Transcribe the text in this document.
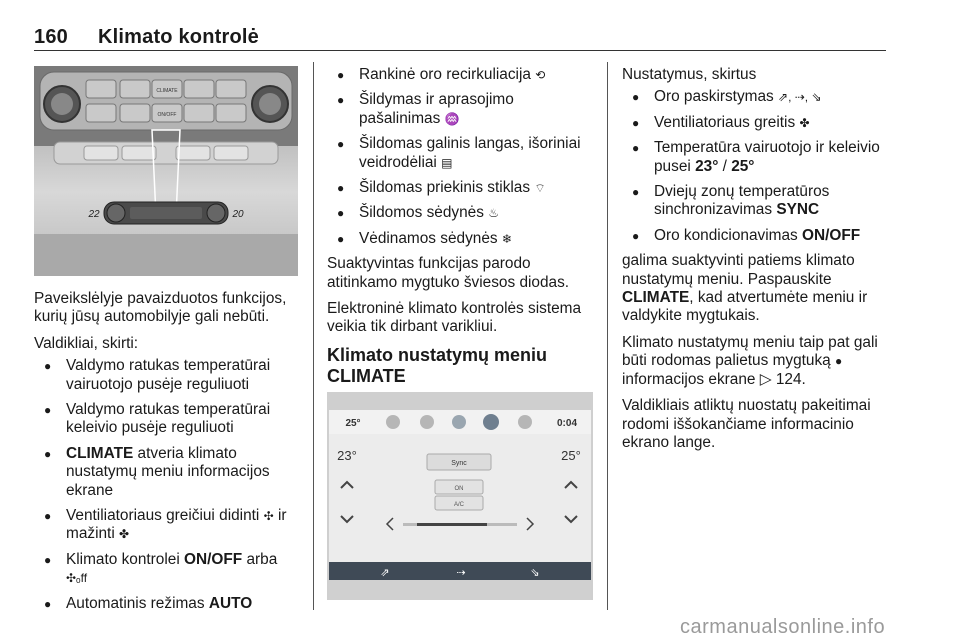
160 Klimato kontrolė
CLIMATE
ON/OFF
22	20

Paveikslėlyje pavaizduotos funkcijos, kurių jūsų automobilyje gali nebūti.

Valdikliai, skirti:

● Valdymo ratukas temperatūrai vairuotojo pusėje reguliuoti
● Valdymo ratukas temperatūrai keleivio pusėje reguliuoti
● CLIMATE atveria klimato nustatymų meniu informacijos ekrane
● Ventiliatoriaus greičiui didinti ✣ ir mažinti ✤
● Klimato kontrolei ON/OFF arba
✣ₒff
● Automatinis režimas AUTO
● Rankinė oro recirkuliacija ⟲
● Šildymas ir aprasojimo pašalinimas ♒
● Šildomas galinis langas, išoriniai veidrodėliai ▤
● Šildomas priekinis stiklas ⌔
● Šildomos sėdynės ♨
● Vėdinamos sėdynės ❄

Suaktyvintas funkcijas parodo atitinkamo mygtuko šviesos diodas.

Elektroninė klimato kontrolės sistema veikia tik dirbant varikliui.

Klimato nustatymų meniu CLIMATE
25°	0:04
23°	25°
Sync
ON
A/C
⇗	⇢	⇘

Nustatymus, skirtus

● Oro paskirstymas ⇗, ⇢, ⇘
● Ventiliatoriaus greitis ✤
● Temperatūra vairuotojo ir keleivio pusei 23° / 25°
● Dviejų zonų temperatūros sinchronizavimas SYNC
● Oro kondicionavimas ON/OFF

galima suaktyvinti patiems klimato nustatymų meniu. Paspauskite CLIMATE, kad atvertumėte meniu ir valdykite mygtukais.

Klimato nustatymų meniu taip pat gali būti rodomas palietus mygtuką ● informacijos ekrane ▷ 124.

Valdikliais atliktų nuostatų pakeitimai rodomi iššokančiame informacinio ekrano lange.

carmanualsonline.info
